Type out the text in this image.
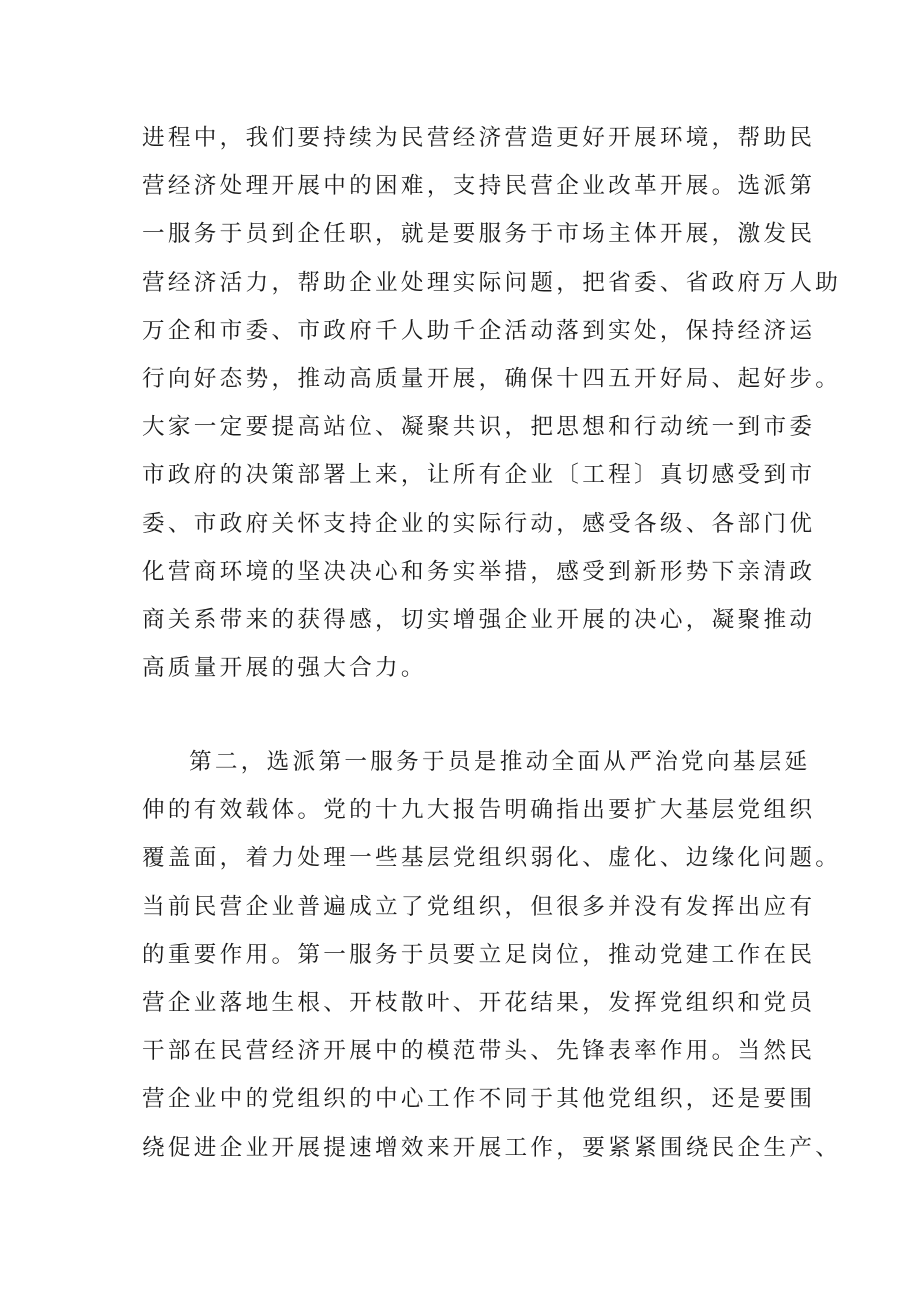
进程中，我们要持续为民营经济营造更好开展环境，帮助民
营经济处理开展中的困难，支持民营企业改革开展。选派第
一服务于员到企任职，就是要服务于市场主体开展，激发民
营经济活力，帮助企业处理实际问题，把省委、省政府万人助
万企和市委、市政府千人助千企活动落到实处，保持经济运
行向好态势，推动高质量开展，确保十四五开好局、起好步。
大家一定要提高站位、凝聚共识，把思想和行动统一到市委
市政府的决策部署上来，让所有企业〔工程〕真切感受到市
委、市政府关怀支持企业的实际行动，感受各级、各部门优
化营商环境的坚决决心和务实举措，感受到新形势下亲清政
商关系带来的获得感，切实增强企业开展的决心，凝聚推动
高质量开展的强大合力。
第二，选派第一服务于员是推动全面从严治党向基层延
伸的有效载体。党的十九大报告明确指出要扩大基层党组织
覆盖面，着力处理一些基层党组织弱化、虚化、边缘化问题。
当前民营企业普遍成立了党组织，但很多并没有发挥出应有
的重要作用。第一服务于员要立足岗位，推动党建工作在民
营企业落地生根、开枝散叶、开花结果，发挥党组织和党员
干部在民营经济开展中的模范带头、先锋表率作用。当然民
营企业中的党组织的中心工作不同于其他党组织，还是要围
绕促进企业开展提速增效来开展工作，要紧紧围绕民企生产、
